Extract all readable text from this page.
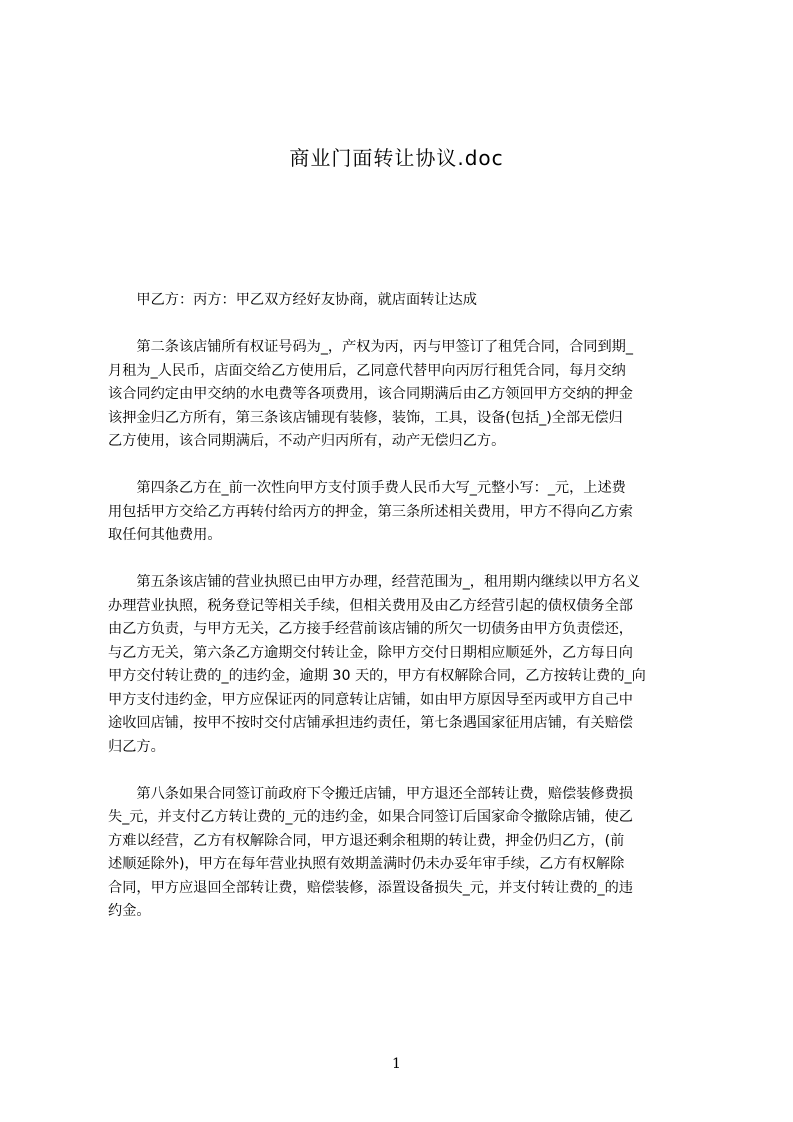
商业门面转让协议.doc
甲乙方：丙方：甲乙双方经好友协商，就店面转让达成
第二条该店铺所有权证号码为_，产权为丙，丙与甲签订了租凭合同，合同到期_
月租为_人民币，店面交给乙方使用后，乙同意代替甲向丙厉行租凭合同，每月交纳
该合同约定由甲交纳的水电费等各项费用，该合同期满后由乙方领回甲方交纳的押金
该押金归乙方所有，第三条该店铺现有装修，装饰，工具，设备(包括_)全部无偿归
乙方使用，该合同期满后，不动产归丙所有，动产无偿归乙方。
第四条乙方在_前一次性向甲方支付顶手费人民币大写_元整小写：_元，上述费
用包括甲方交给乙方再转付给丙方的押金，第三条所述相关费用，甲方不得向乙方索
取任何其他费用。
第五条该店铺的营业执照已由甲方办理，经营范围为_，租用期内继续以甲方名义
办理营业执照，税务登记等相关手续，但相关费用及由乙方经营引起的债权债务全部
由乙方负责，与甲方无关，乙方接手经营前该店铺的所欠一切债务由甲方负责偿还，
与乙方无关，第六条乙方逾期交付转让金，除甲方交付日期相应顺延外，乙方每日向
甲方交付转让费的_的违约金，逾期 30 天的，甲方有权解除合同，乙方按转让费的_向
甲方支付违约金，甲方应保证丙的同意转让店铺，如由甲方原因导至丙或甲方自己中
途收回店铺，按甲不按时交付店铺承担违约责任，第七条遇国家征用店铺，有关赔偿
归乙方。
第八条如果合同签订前政府下令搬迁店铺，甲方退还全部转让费，赔偿装修费损
失_元，并支付乙方转让费的_元的违约金，如果合同签订后国家命令撤除店铺，使乙
方难以经营，乙方有权解除合同，甲方退还剩余租期的转让费，押金仍归乙方，(前
述顺延除外)，甲方在每年营业执照有效期盖满时仍未办妥年审手续，乙方有权解除
合同，甲方应退回全部转让费，赔偿装修，添置设备损失_元，并支付转让费的_的违
约金。
1
